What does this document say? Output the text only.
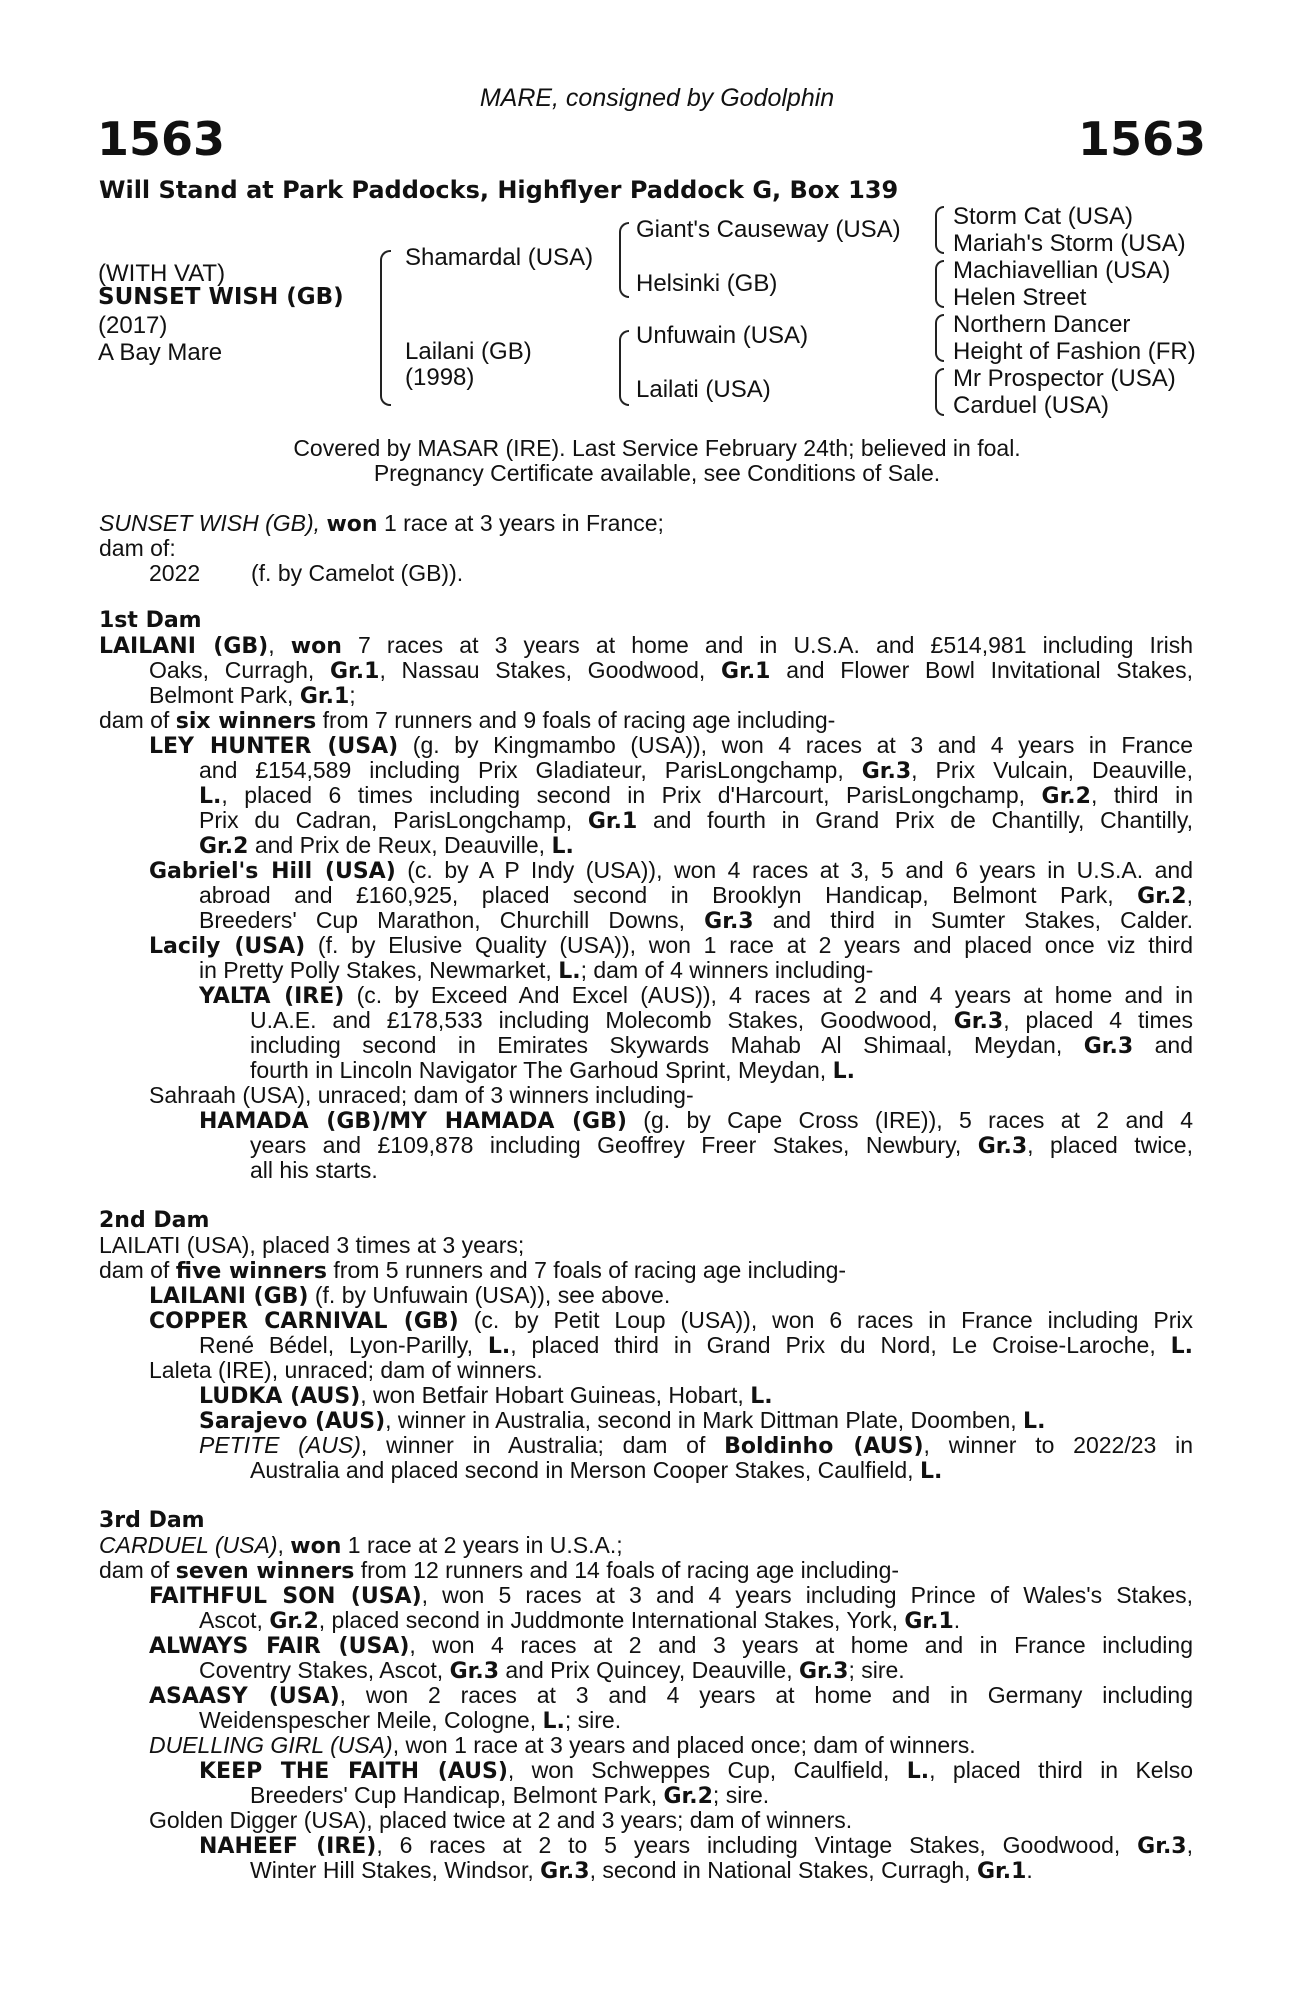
MARE, consigned by Godolphin
1563	1563
Will Stand at Park Paddocks, Highflyer Paddock G, Box 139
(WITH VAT)
SUNSET WISH (GB)
(2017)
A Bay Mare
Shamardal (USA)
Lailani (GB)
(1998)
Giant's Causeway (USA)
Helsinki (GB)
Unfuwain (USA)
Lailati (USA)
Storm Cat (USA)
Mariah's Storm (USA)
Machiavellian (USA)
Helen Street
Northern Dancer
Height of Fashion (FR)
Mr Prospector (USA)
Carduel (USA)
Covered by MASAR (IRE). Last Service February 24th; believed in foal.
Pregnancy Certificate available, see Conditions of Sale.
SUNSET WISH (GB), won 1 race at 3 years in France;
dam of:
2022 (f. by Camelot (GB)).
1st Dam
LAILANI (GB), won 7 races at 3 years at home and in U.S.A. and £514,981 including Irish
Oaks, Curragh, Gr.1, Nassau Stakes, Goodwood, Gr.1 and Flower Bowl Invitational Stakes,
Belmont Park, Gr.1;
dam of six winners from 7 runners and 9 foals of racing age including-
LEY HUNTER (USA) (g. by Kingmambo (USA)), won 4 races at 3 and 4 years in France
and £154,589 including Prix Gladiateur, ParisLongchamp, Gr.3, Prix Vulcain, Deauville,
L., placed 6 times including second in Prix d'Harcourt, ParisLongchamp, Gr.2, third in
Prix du Cadran, ParisLongchamp, Gr.1 and fourth in Grand Prix de Chantilly, Chantilly,
Gr.2 and Prix de Reux, Deauville, L.
Gabriel's Hill (USA) (c. by A P Indy (USA)), won 4 races at 3, 5 and 6 years in U.S.A. and
abroad and £160,925, placed second in Brooklyn Handicap, Belmont Park, Gr.2,
Breeders' Cup Marathon, Churchill Downs, Gr.3 and third in Sumter Stakes, Calder.
Lacily (USA) (f. by Elusive Quality (USA)), won 1 race at 2 years and placed once viz third
in Pretty Polly Stakes, Newmarket, L.; dam of 4 winners including-
YALTA (IRE) (c. by Exceed And Excel (AUS)), 4 races at 2 and 4 years at home and in
U.A.E. and £178,533 including Molecomb Stakes, Goodwood, Gr.3, placed 4 times
including second in Emirates Skywards Mahab Al Shimaal, Meydan, Gr.3 and
fourth in Lincoln Navigator The Garhoud Sprint, Meydan, L.
Sahraah (USA), unraced; dam of 3 winners including-
HAMADA (GB)/MY HAMADA (GB) (g. by Cape Cross (IRE)), 5 races at 2 and 4
years and £109,878 including Geoffrey Freer Stakes, Newbury, Gr.3, placed twice,
all his starts.
2nd Dam
LAILATI (USA), placed 3 times at 3 years;
dam of five winners from 5 runners and 7 foals of racing age including-
LAILANI (GB) (f. by Unfuwain (USA)), see above.
COPPER CARNIVAL (GB) (c. by Petit Loup (USA)), won 6 races in France including Prix
René Bédel, Lyon-Parilly, L., placed third in Grand Prix du Nord, Le Croise-Laroche, L.
Laleta (IRE), unraced; dam of winners.
LUDKA (AUS), won Betfair Hobart Guineas, Hobart, L.
Sarajevo (AUS), winner in Australia, second in Mark Dittman Plate, Doomben, L.
PETITE (AUS), winner in Australia; dam of Boldinho (AUS), winner to 2022/23 in
Australia and placed second in Merson Cooper Stakes, Caulfield, L.
3rd Dam
CARDUEL (USA), won 1 race at 2 years in U.S.A.;
dam of seven winners from 12 runners and 14 foals of racing age including-
FAITHFUL SON (USA), won 5 races at 3 and 4 years including Prince of Wales's Stakes,
Ascot, Gr.2, placed second in Juddmonte International Stakes, York, Gr.1.
ALWAYS FAIR (USA), won 4 races at 2 and 3 years at home and in France including
Coventry Stakes, Ascot, Gr.3 and Prix Quincey, Deauville, Gr.3; sire.
ASAASY (USA), won 2 races at 3 and 4 years at home and in Germany including
Weidenspescher Meile, Cologne, L.; sire.
DUELLING GIRL (USA), won 1 race at 3 years and placed once; dam of winners.
KEEP THE FAITH (AUS), won Schweppes Cup, Caulfield, L., placed third in Kelso
Breeders' Cup Handicap, Belmont Park, Gr.2; sire.
Golden Digger (USA), placed twice at 2 and 3 years; dam of winners.
NAHEEF (IRE), 6 races at 2 to 5 years including Vintage Stakes, Goodwood, Gr.3,
Winter Hill Stakes, Windsor, Gr.3, second in National Stakes, Curragh, Gr.1.
